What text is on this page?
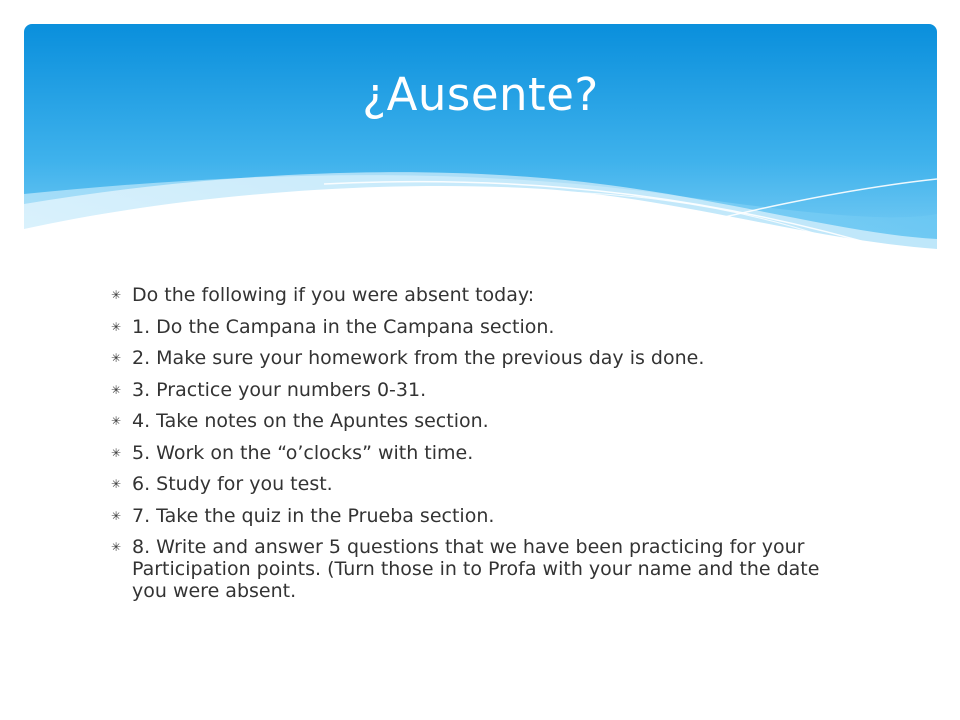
¿Ausente?
✳ Do the following if you were absent today:
✳ 1. Do the Campana in the Campana section.
✳ 2. Make sure your homework from the previous day is done.
✳ 3. Practice your numbers 0-31.
✳ 4. Take notes on the Apuntes section.
✳ 5. Work on the “o’clocks” with time.
✳ 6. Study for you test.
✳ 7. Take the quiz in the Prueba section.
✳ 8. Write and answer 5 questions that we have been practicing for your Participation points. (Turn those in to Profa with your name and the date you were absent.
